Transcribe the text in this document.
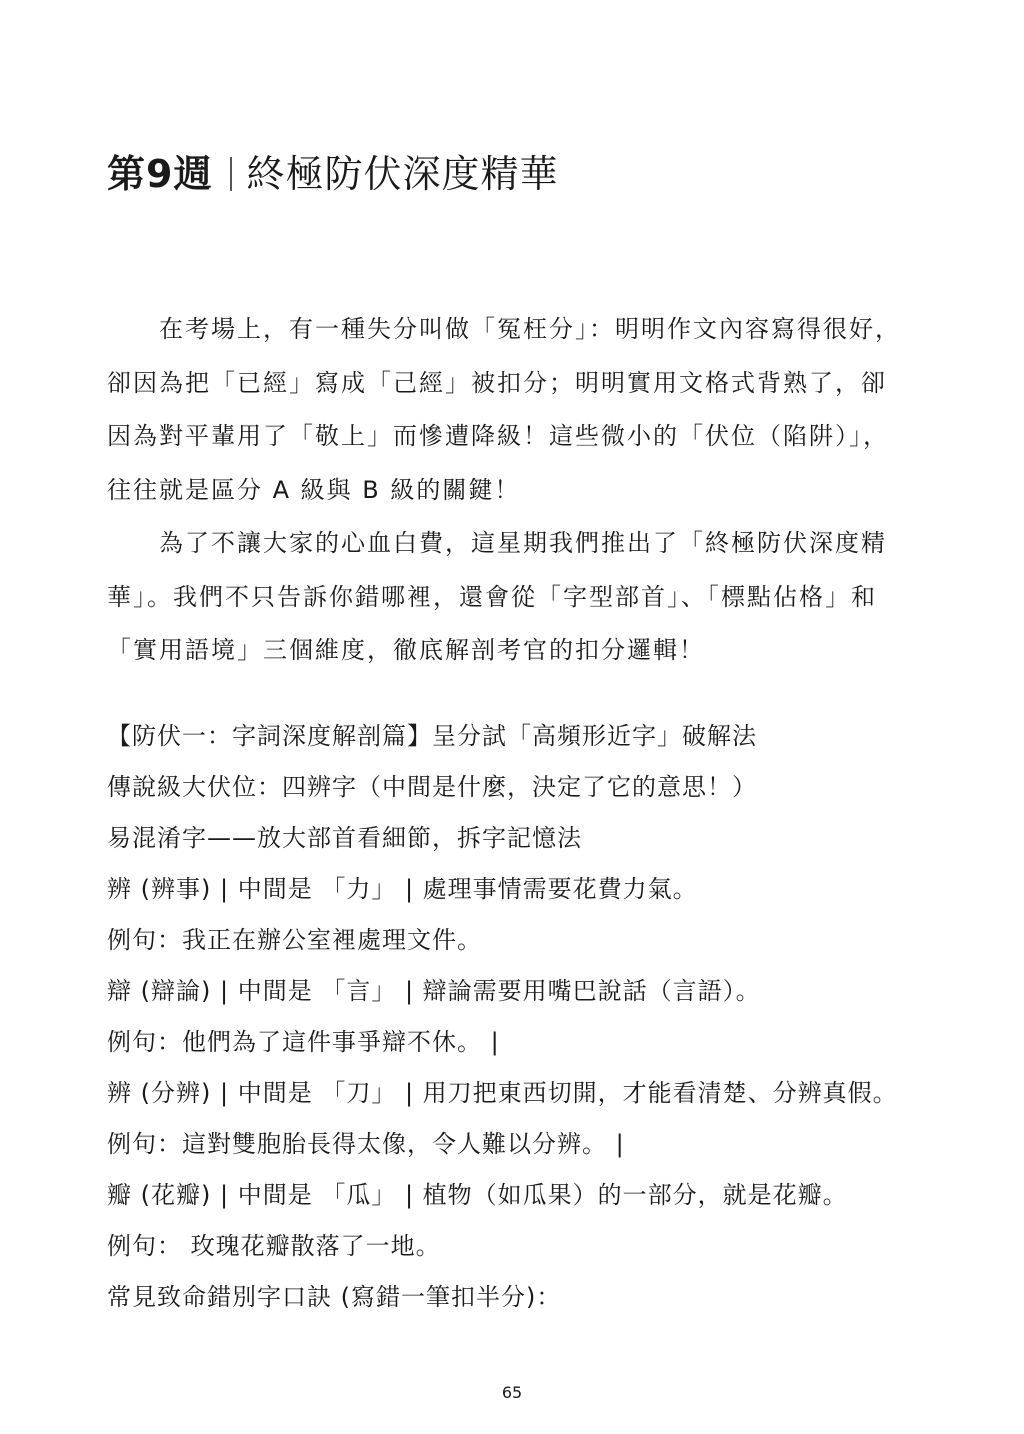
第9週 終極防伏深度精華

在考場上，有一種失分叫做「冤枉分」：明明作文內容寫得很好，卻因為把「已經」寫成「己經」被扣分；明明實用文格式背熟了，卻因為對平輩用了「敬上」而慘遭降級！這些微小的「伏位（陷阱）」，往往就是區分 A 級與 B 級的關鍵！

為了不讓大家的心血白費，這星期我們推出了「終極防伏深度精華」。我們不只告訴你錯哪裡，還會從「字型部首」、「標點佔格」和「實用語境」三個維度，徹底解剖考官的扣分邏輯！

【防伏一：字詞深度解剖篇】呈分試「高頻形近字」破解法
傳說級大伏位：四辨字（中間是什麼，決定了它的意思！）
易混淆字——放大部首看細節，拆字記憶法
辨 (辨事) | 中間是 「力」 | 處理事情需要花費力氣。
例句：我正在辦公室裡處理文件。
辯 (辯論) | 中間是 「言」 | 辯論需要用嘴巴說話（言語）。
例句：他們為了這件事爭辯不休。 |
辨 (分辨) | 中間是 「刀」 | 用刀把東西切開，才能看清楚、分辨真假。
例句：這對雙胞胎長得太像，令人難以分辨。 |
瓣 (花瓣) | 中間是 「瓜」 | 植物（如瓜果）的一部分，就是花瓣。
例句： 玫瑰花瓣散落了一地。
常見致命錯別字口訣 (寫錯一筆扣半分)：
65
